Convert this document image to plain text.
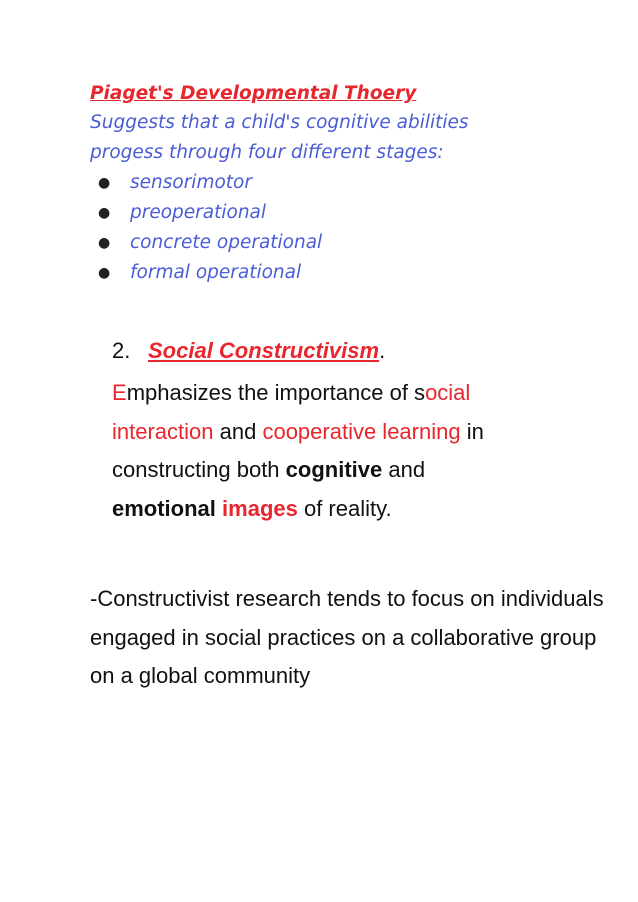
Piaget's Developmental Thoery
Suggests that a child's cognitive abilities
progess through four different stages:
● sensorimotor
● preoperational
● concrete operational
● formal operational
2. Social Constructivism.
Emphasizes the importance of social
interaction and cooperative learning in
constructing both cognitive and
emotional images of reality.
-Constructivist research tends to focus on individuals engaged in social practices on a collaborative group on a global community
